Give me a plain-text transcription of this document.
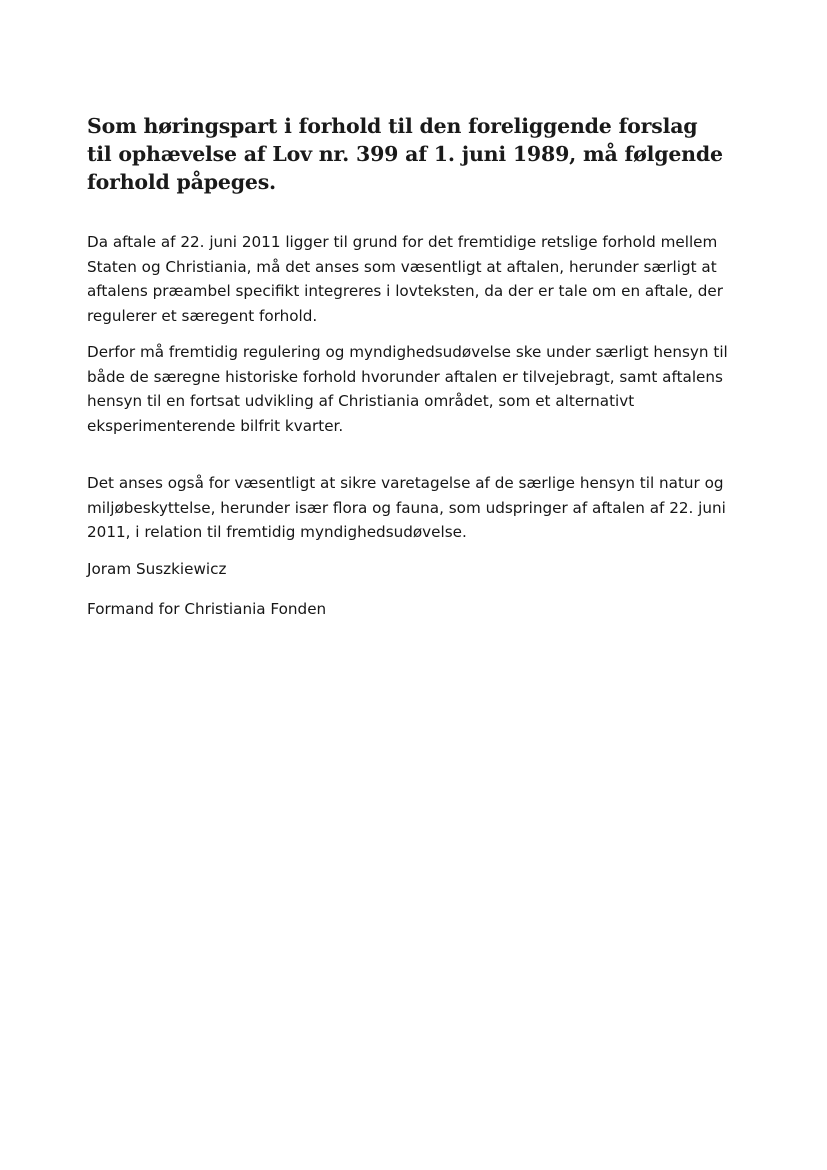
Som høringspart i forhold til den foreliggende forslag til ophævelse af Lov nr. 399 af 1. juni 1989, må følgende forhold påpeges.

Da aftale af 22. juni 2011 ligger til grund for det fremtidige retslige forhold mellem Staten og Christiania, må det anses som væsentligt at aftalen, herunder særligt at aftalens præambel specifikt integreres i lovteksten, da der er tale om en aftale, der regulerer et særegent forhold.

Derfor må fremtidig regulering og myndighedsudøvelse ske under særligt hensyn til både de særegne historiske forhold hvorunder aftalen er tilvejebragt, samt aftalens hensyn til en fortsat udvikling af Christiania området, som et alternativt eksperimenterende bilfrit kvarter.

Det anses også for væsentligt at sikre varetagelse af de særlige hensyn til natur og miljøbeskyttelse, herunder især flora og fauna, som udspringer af aftalen af 22. juni 2011, i relation til fremtidig myndighedsudøvelse.

Joram Suszkiewicz

Formand for Christiania Fonden
